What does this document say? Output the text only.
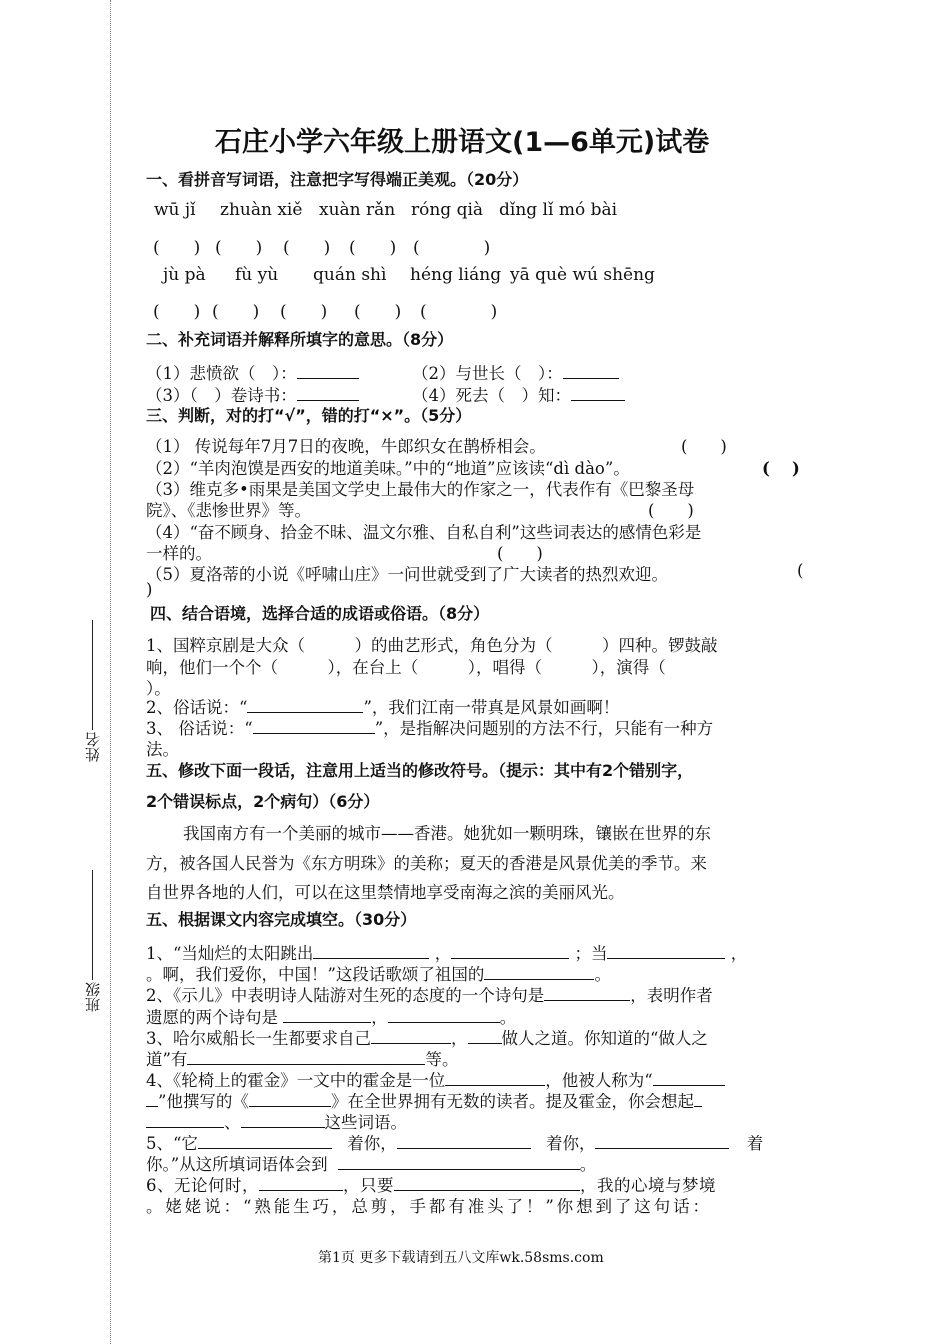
姓名
班级
石庄小学六年级上册语文(1—6单元)试卷
一、看拼音写词语，注意把字写得端正美观。（20分）
wū jǐ zhuàn xiě xuàn rǎn róng qià dǐng lǐ mó bài
(　　) (　　) (　　) (　　) (　　)
jù pà fù yù quán shì héng liáng yā què wú shēng
(　　) (　　) (　　) (　　) (　　)
二、补充词语并解释所填字的意思。（8分）
（1）悲愤欲（　）：	（2）与世长（　）：
（3）（　）卷诗书：	（4）死去（　）知：
三、判断，对的打“√”，错的打“×”。（5分）
（1） 传说每年7月7日的夜晚，牛郎织女在鹊桥相会。	(　　)
（2）“羊肉泡馍是西安的地道美味。”中的“地道”应该读“dì dào”。	(　 )
（3）维克多•雨果是美国文学史上最伟大的作家之一，代表作有《巴黎圣母
院》、《悲惨世界》等。	(　　)
（4）“奋不顾身、拾金不昧、温文尔雅、自私自利”这些词表达的感情色彩是
一样的。	(　　)
（5）夏洛蒂的小说《呼啸山庄》一问世就受到了广大读者的热烈欢迎。	(
)
四、结合语境，选择合适的成语或俗语。（8分）
1、国粹京剧是大众（　　　）的曲艺形式，角色分为（　　　）四种。锣鼓敲
响，他们一个个（　　　），在台上（　　　），唱得（　　　），演得（
）。
2、俗话说：“	”，我们江南一带真是风景如画啊！
3、 俗话说：“	”，是指解决问题别的方法不行，只能有一种方
法。
五、修改下面一段话，注意用上适当的修改符号。（提示：其中有2个错别字，
2个错误标点，2个病句）（6分）
我国南方有一个美丽的城市——香港。她犹如一颗明珠，镶嵌在世界的东
方，被各国人民誉为《东方明珠》的美称；夏天的香港是风景优美的季节。来
自世界各地的人们，可以在这里禁情地享受南海之滨的美丽风光。
五、根据课文内容完成填空。（30分）
1、“当灿烂的太阳跳出	，	；当	，
。啊，我们爱你，中国！”这段话歌颂了祖国的	。
2、《示儿》中表明诗人陆游对生死的态度的一个诗句是	，表明作者
遗愿的两个诗句是	，	。
3、哈尔威船长一生都要求自己	， 做人之道。你知道的“做人之
道”有	等。
4、《轮椅上的霍金》一文中的霍金是一位	，他被人称为“
”他撰写的《	》在全世界拥有无数的读者。提及霍金，你会想起
、	这些词语。
5、“它	着你，	着你，	着
你。”从这所填词语体会到	。
6、无论何时，	，只要	，我的心境与梦境
。姥姥说：“熟能生巧，总剪，手都有准头了！”你想到了这句话：
第1页 更多下载请到五八文库wk.58sms.com
